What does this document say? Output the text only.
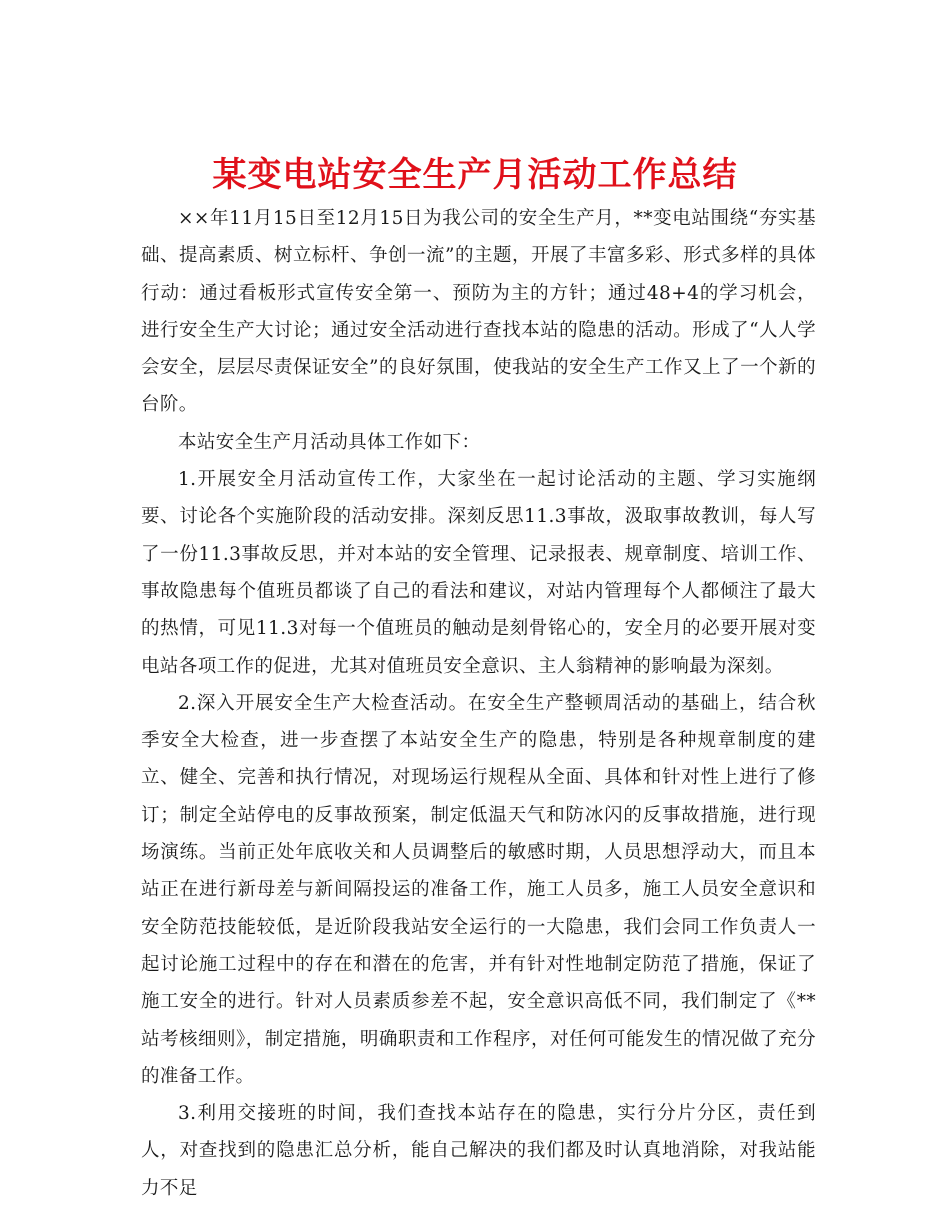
某变电站安全生产月活动工作总结

××年11月15日至12月15日为我公司的安全生产月，**变电站围绕“夯实基础、提高素质、树立标杆、争创一流”的主题，开展了丰富多彩、形式多样的具体行动：通过看板形式宣传安全第一、预防为主的方针；通过48+4的学习机会，进行安全生产大讨论；通过安全活动进行查找本站的隐患的活动。形成了“人人学会安全，层层尽责保证安全”的良好氛围，使我站的安全生产工作又上了一个新的台阶。

本站安全生产月活动具体工作如下：

1.开展安全月活动宣传工作，大家坐在一起讨论活动的主题、学习实施纲要、讨论各个实施阶段的活动安排。深刻反思11.3事故，汲取事故教训，每人写了一份11.3事故反思，并对本站的安全管理、记录报表、规章制度、培训工作、事故隐患每个值班员都谈了自己的看法和建议，对站内管理每个人都倾注了最大的热情，可见11.3对每一个值班员的触动是刻骨铭心的，安全月的必要开展对变电站各项工作的促进，尤其对值班员安全意识、主人翁精神的影响最为深刻。

2.深入开展安全生产大检查活动。在安全生产整顿周活动的基础上，结合秋季安全大检查，进一步查摆了本站安全生产的隐患，特别是各种规章制度的建立、健全、完善和执行情况，对现场运行规程从全面、具体和针对性上进行了修订；制定全站停电的反事故预案，制定低温天气和防冰闪的反事故措施，进行现场演练。当前正处年底收关和人员调整后的敏感时期，人员思想浮动大，而且本站正在进行新母差与新间隔投运的准备工作，施工人员多，施工人员安全意识和安全防范技能较低，是近阶段我站安全运行的一大隐患，我们会同工作负责人一起讨论施工过程中的存在和潜在的危害，并有针对性地制定防范了措施，保证了施工安全的进行。针对人员素质参差不起，安全意识高低不同，我们制定了《**站考核细则》，制定措施，明确职责和工作程序，对任何可能发生的情况做了充分的准备工作。

3.利用交接班的时间，我们查找本站存在的隐患，实行分片分区，责任到人，对查找到的隐患汇总分析，能自己解决的我们都及时认真地消除，对我站能力不足
